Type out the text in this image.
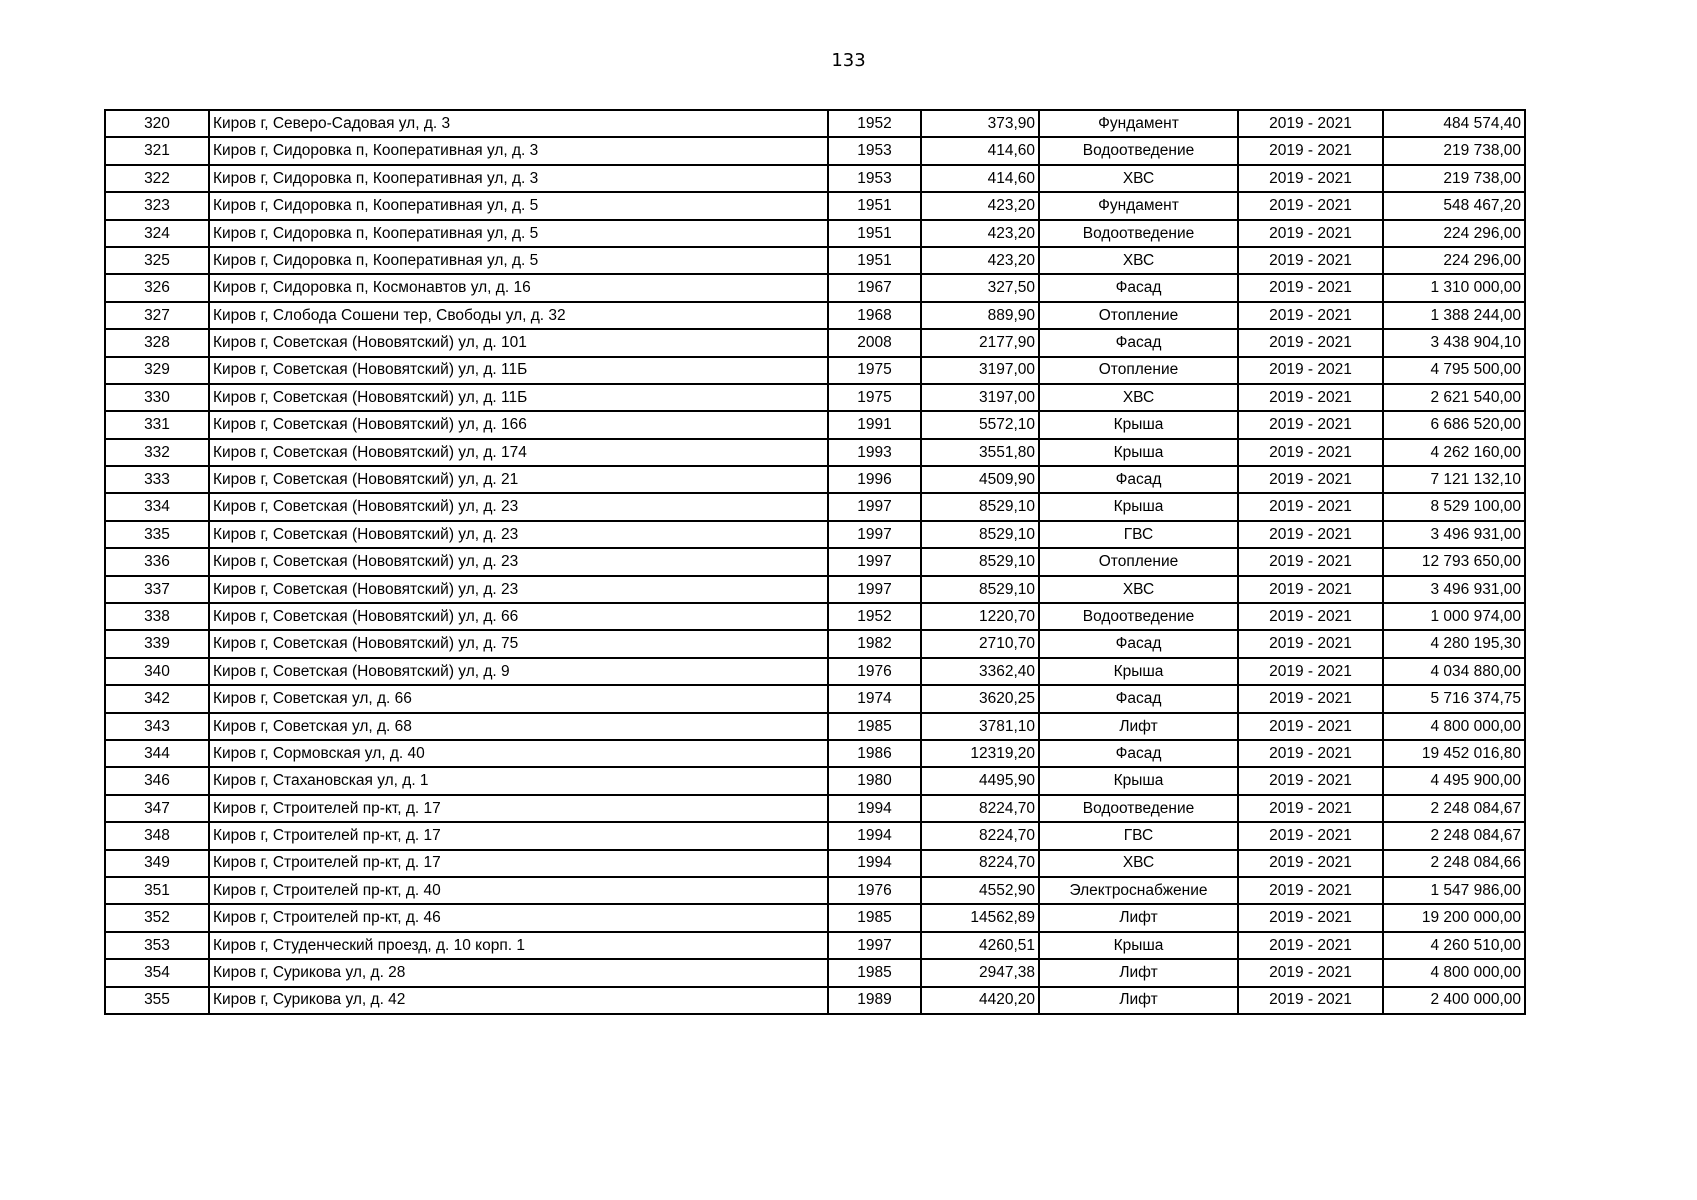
133
320	Киров г, Северо-Садовая ул, д. 3	1952	373,90	Фундамент	2019 - 2021	484 574,40
321	Киров г, Сидоровка п, Кооперативная ул, д. 3	1953	414,60	Водоотведение	2019 - 2021	219 738,00
322	Киров г, Сидоровка п, Кооперативная ул, д. 3	1953	414,60	ХВС	2019 - 2021	219 738,00
323	Киров г, Сидоровка п, Кооперативная ул, д. 5	1951	423,20	Фундамент	2019 - 2021	548 467,20
324	Киров г, Сидоровка п, Кооперативная ул, д. 5	1951	423,20	Водоотведение	2019 - 2021	224 296,00
325	Киров г, Сидоровка п, Кооперативная ул, д. 5	1951	423,20	ХВС	2019 - 2021	224 296,00
326	Киров г, Сидоровка п, Космонавтов ул, д. 16	1967	327,50	Фасад	2019 - 2021	1 310 000,00
327	Киров г, Слобода Сошени тер, Свободы ул, д. 32	1968	889,90	Отопление	2019 - 2021	1 388 244,00
328	Киров г, Советская (Нововятский) ул, д. 101	2008	2177,90	Фасад	2019 - 2021	3 438 904,10
329	Киров г, Советская (Нововятский) ул, д. 11Б	1975	3197,00	Отопление	2019 - 2021	4 795 500,00
330	Киров г, Советская (Нововятский) ул, д. 11Б	1975	3197,00	ХВС	2019 - 2021	2 621 540,00
331	Киров г, Советская (Нововятский) ул, д. 166	1991	5572,10	Крыша	2019 - 2021	6 686 520,00
332	Киров г, Советская (Нововятский) ул, д. 174	1993	3551,80	Крыша	2019 - 2021	4 262 160,00
333	Киров г, Советская (Нововятский) ул, д. 21	1996	4509,90	Фасад	2019 - 2021	7 121 132,10
334	Киров г, Советская (Нововятский) ул, д. 23	1997	8529,10	Крыша	2019 - 2021	8 529 100,00
335	Киров г, Советская (Нововятский) ул, д. 23	1997	8529,10	ГВС	2019 - 2021	3 496 931,00
336	Киров г, Советская (Нововятский) ул, д. 23	1997	8529,10	Отопление	2019 - 2021	12 793 650,00
337	Киров г, Советская (Нововятский) ул, д. 23	1997	8529,10	ХВС	2019 - 2021	3 496 931,00
338	Киров г, Советская (Нововятский) ул, д. 66	1952	1220,70	Водоотведение	2019 - 2021	1 000 974,00
339	Киров г, Советская (Нововятский) ул, д. 75	1982	2710,70	Фасад	2019 - 2021	4 280 195,30
340	Киров г, Советская (Нововятский) ул, д. 9	1976	3362,40	Крыша	2019 - 2021	4 034 880,00
342	Киров г, Советская ул, д. 66	1974	3620,25	Фасад	2019 - 2021	5 716 374,75
343	Киров г, Советская ул, д. 68	1985	3781,10	Лифт	2019 - 2021	4 800 000,00
344	Киров г, Сормовская ул, д. 40	1986	12319,20	Фасад	2019 - 2021	19 452 016,80
346	Киров г, Стахановская ул, д. 1	1980	4495,90	Крыша	2019 - 2021	4 495 900,00
347	Киров г, Строителей пр-кт, д. 17	1994	8224,70	Водоотведение	2019 - 2021	2 248 084,67
348	Киров г, Строителей пр-кт, д. 17	1994	8224,70	ГВС	2019 - 2021	2 248 084,67
349	Киров г, Строителей пр-кт, д. 17	1994	8224,70	ХВС	2019 - 2021	2 248 084,66
351	Киров г, Строителей пр-кт, д. 40	1976	4552,90	Электроснабжение	2019 - 2021	1 547 986,00
352	Киров г, Строителей пр-кт, д. 46	1985	14562,89	Лифт	2019 - 2021	19 200 000,00
353	Киров г, Студенческий проезд, д. 10 корп. 1	1997	4260,51	Крыша	2019 - 2021	4 260 510,00
354	Киров г, Сурикова ул, д. 28	1985	2947,38	Лифт	2019 - 2021	4 800 000,00
355	Киров г, Сурикова ул, д. 42	1989	4420,20	Лифт	2019 - 2021	2 400 000,00
